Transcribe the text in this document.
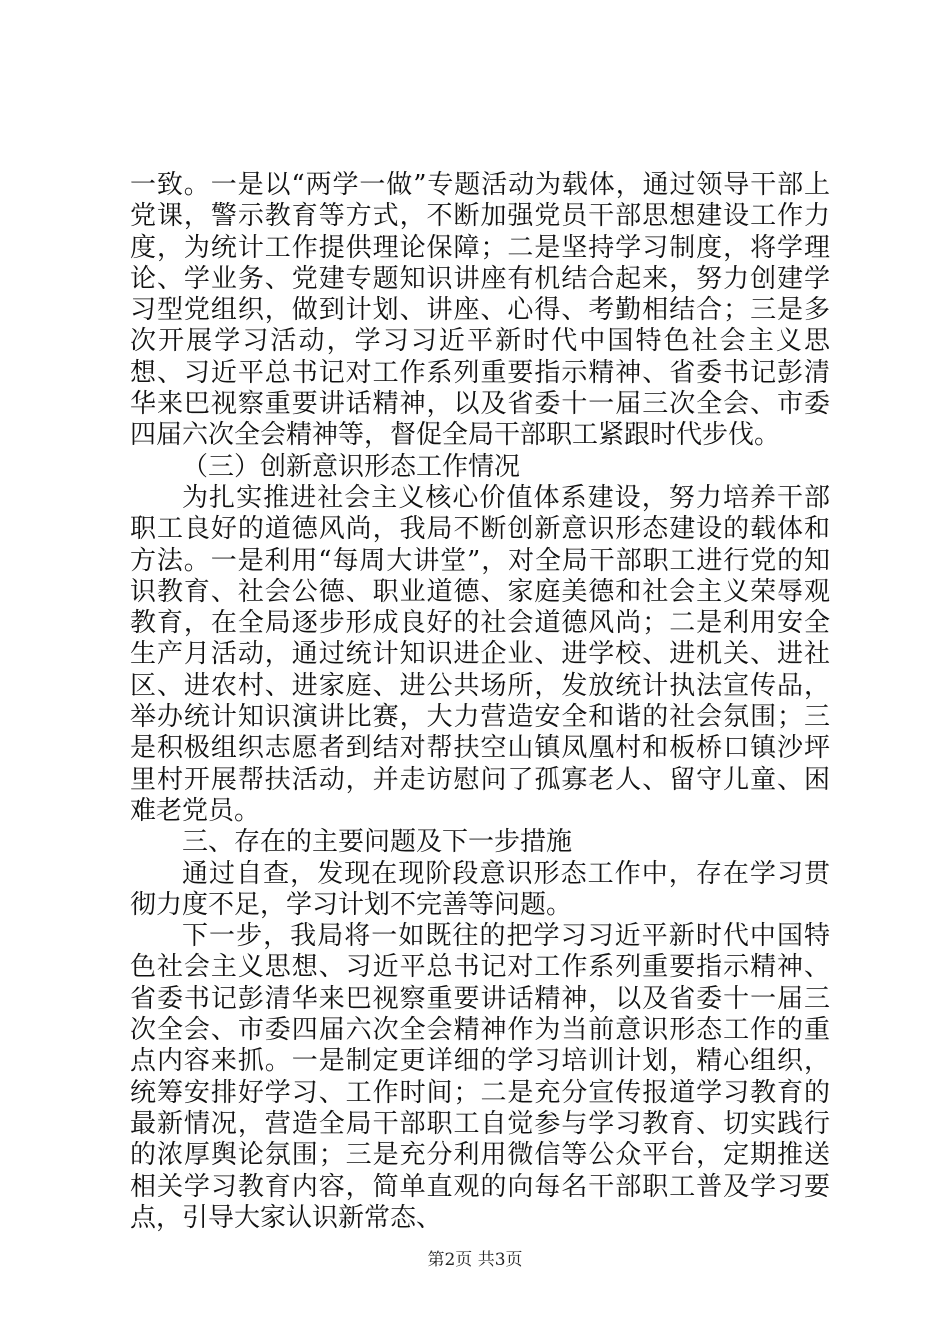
一致。一是以“两学一做”专题活动为载体，通过领导干部上党课，警示教育等方式，不断加强党员干部思想建设工作力度，为统计工作提供理论保障；二是坚持学习制度，将学理论、学业务、党建专题知识讲座有机结合起来，努力创建学习型党组织，做到计划、讲座、心得、考勤相结合；三是多次开展学习活动，学习习近平新时代中国特色社会主义思想、习近平总书记对工作系列重要指示精神、省委书记彭清华来巴视察重要讲话精神，以及省委十一届三次全会、市委四届六次全会精神等，督促全局干部职工紧跟时代步伐。

（三）创新意识形态工作情况

为扎实推进社会主义核心价值体系建设，努力培养干部职工良好的道德风尚，我局不断创新意识形态建设的载体和方法。一是利用“每周大讲堂”，对全局干部职工进行党的知识教育、社会公德、职业道德、家庭美德和社会主义荣辱观教育，在全局逐步形成良好的社会道德风尚；二是利用安全生产月活动，通过统计知识进企业、进学校、进机关、进社区、进农村、进家庭、进公共场所，发放统计执法宣传品，举办统计知识演讲比赛，大力营造安全和谐的社会氛围；三是积极组织志愿者到结对帮扶空山镇凤凰村和板桥口镇沙坪里村开展帮扶活动，并走访慰问了孤寡老人、留守儿童、困难老党员。

三、存在的主要问题及下一步措施

通过自查，发现在现阶段意识形态工作中，存在学习贯彻力度不足，学习计划不完善等问题。

下一步，我局将一如既往的把学习习近平新时代中国特色社会主义思想、习近平总书记对工作系列重要指示精神、省委书记彭清华来巴视察重要讲话精神，以及省委十一届三次全会、市委四届六次全会精神作为当前意识形态工作的重点内容来抓。一是制定更详细的学习培训计划，精心组织，统筹安排好学习、工作时间；二是充分宣传报道学习教育的最新情况，营造全局干部职工自觉参与学习教育、切实践行的浓厚舆论氛围；三是充分利用微信等公众平台，定期推送相关学习教育内容，简单直观的向每名干部职工普及学习要点，引导大家认识新常态、

第2页 共3页
